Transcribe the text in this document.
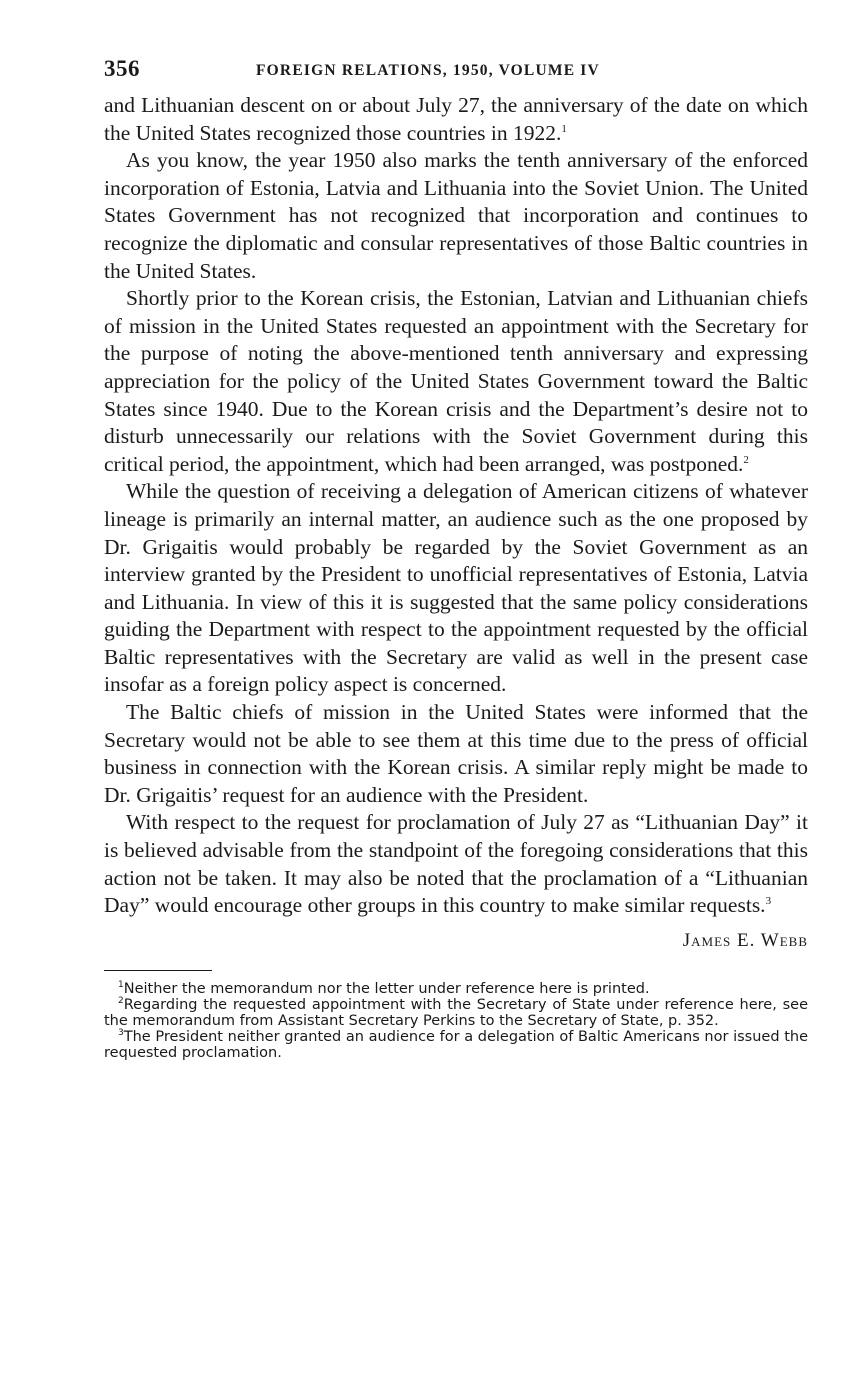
356	FOREIGN RELATIONS, 1950, VOLUME IV

and Lithuanian descent on or about July 27, the anniversary of the date on which the United States recognized those countries in 1922.$^1$

As you know, the year 1950 also marks the tenth anniversary of the enforced incorporation of Estonia, Latvia and Lithuania into the Soviet Union. The United States Government has not recognized that incorporation and continues to recognize the diplomatic and consular representatives of those Baltic countries in the United States.

Shortly prior to the Korean crisis, the Estonian, Latvian and Lithuanian chiefs of mission in the United States requested an appointment with the Secretary for the purpose of noting the above-mentioned tenth anniversary and expressing appreciation for the policy of the United States Government toward the Baltic States since 1940. Due to the Korean crisis and the Department’s desire not to disturb unnecessarily our relations with the Soviet Government during this critical period, the appointment, which had been arranged, was postponed.$^2$

While the question of receiving a delegation of American citizens of whatever lineage is primarily an internal matter, an audience such as the one proposed by Dr. Grigaitis would probably be regarded by the Soviet Government as an interview granted by the President to unofficial representatives of Estonia, Latvia and Lithuania. In view of this it is suggested that the same policy considerations guiding the Department with respect to the appointment requested by the official Baltic representatives with the Secretary are valid as well in the present case insofar as a foreign policy aspect is concerned.

The Baltic chiefs of mission in the United States were informed that the Secretary would not be able to see them at this time due to the press of official business in connection with the Korean crisis. A similar reply might be made to Dr. Grigaitis’ request for an audience with the President.

With respect to the request for proclamation of July 27 as “Lithuanian Day” it is believed advisable from the standpoint of the foregoing considerations that this action not be taken. It may also be noted that the proclamation of a “Lithuanian Day” would encourage other groups in this country to make similar requests.$^3$

James E. Webb

$^1$Neither the memorandum nor the letter under reference here is printed.

$^2$Regarding the requested appointment with the Secretary of State under reference here, see the memorandum from Assistant Secretary Perkins to the Secretary of State, p. 352.

$^3$The President neither granted an audience for a delegation of Baltic Americans nor issued the requested proclamation.
